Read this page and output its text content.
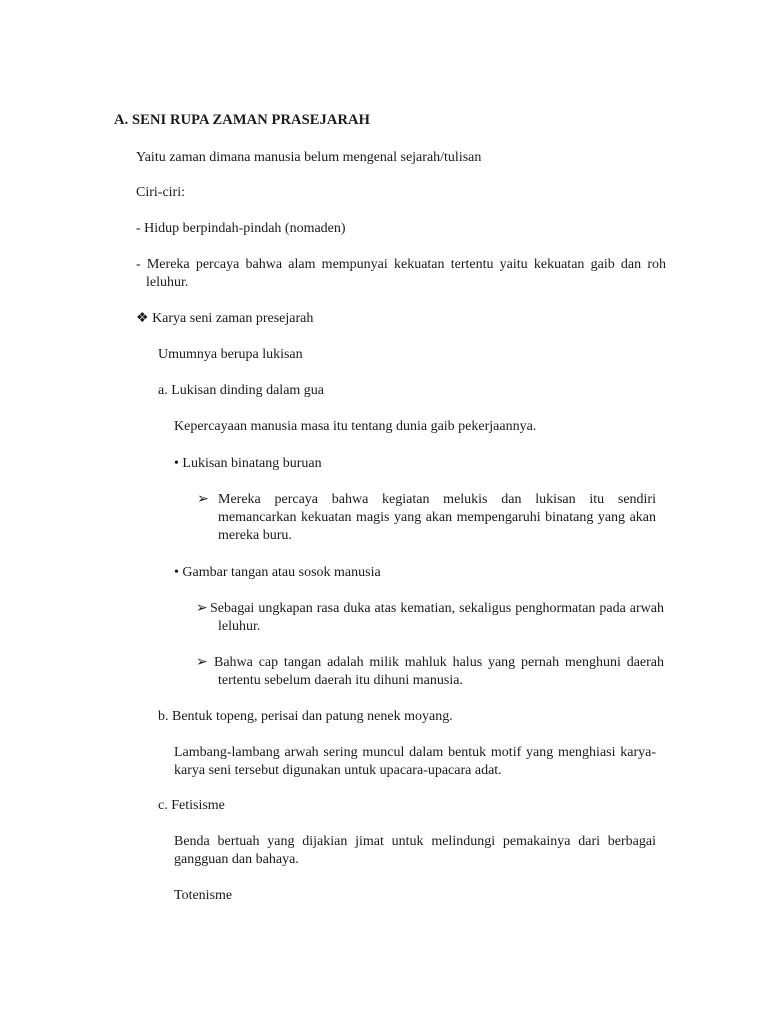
A. SENI RUPA ZAMAN PRASEJARAH
Yaitu zaman dimana manusia belum mengenal sejarah/tulisan
Ciri-ciri:
- Hidup berpindah-pindah (nomaden)
- Mereka percaya bahwa alam mempunyai kekuatan tertentu yaitu kekuatan gaib dan roh leluhur.
❖ Karya seni zaman presejarah
Umumnya berupa lukisan
a. Lukisan dinding dalam gua
Kepercayaan manusia masa itu tentang dunia gaib pekerjaannya.
• Lukisan binatang buruan
➢ Mereka percaya bahwa kegiatan melukis dan lukisan itu sendiri memancarkan kekuatan magis yang akan mempengaruhi binatang yang akan mereka buru.
• Gambar tangan atau sosok manusia
➢ Sebagai ungkapan rasa duka atas kematian, sekaligus penghormatan pada arwah leluhur.
➢ Bahwa cap tangan adalah milik mahluk halus yang pernah menghuni daerah tertentu sebelum daerah itu dihuni manusia.
b. Bentuk topeng, perisai dan patung nenek moyang.
Lambang-lambang arwah sering muncul dalam bentuk motif yang menghiasi karya-karya seni tersebut digunakan untuk upacara-upacara adat.
c. Fetisisme
Benda bertuah yang dijakian jimat untuk melindungi pemakainya dari berbagai gangguan dan bahaya.
Totenisme
